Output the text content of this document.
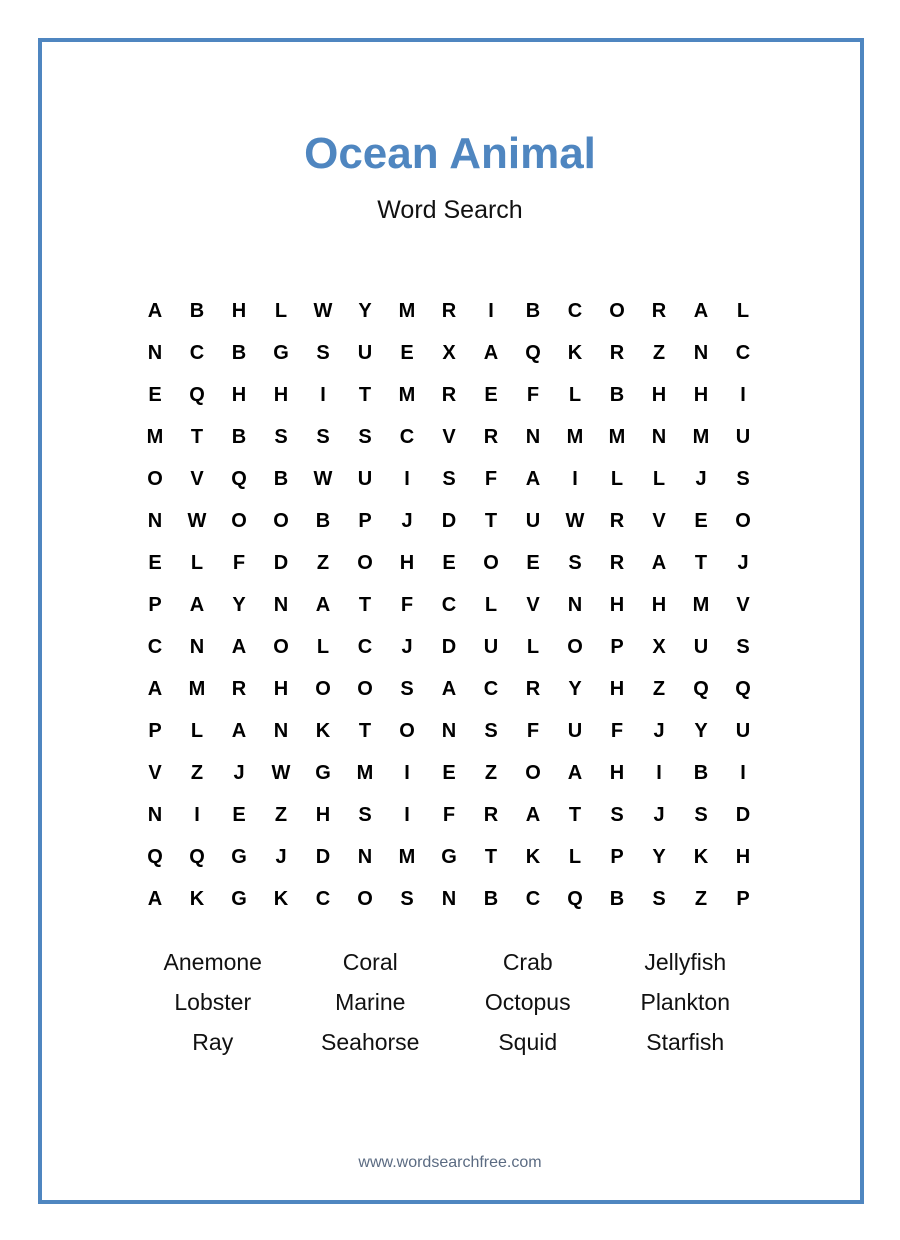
Ocean Animal
Word Search
A	B	H	L	W	Y	M	R	I	B	C	O	R	A	L
N	C	B	G	S	U	E	X	A	Q	K	R	Z	N	C
E	Q	H	H	I	T	M	R	E	F	L	B	H	H	I
M	T	B	S	S	S	C	V	R	N	M	M	N	M	U
O	V	Q	B	W	U	I	S	F	A	I	L	L	J	S
N	W	O	O	B	P	J	D	T	U	W	R	V	E	O
E	L	F	D	Z	O	H	E	O	E	S	R	A	T	J
P	A	Y	N	A	T	F	C	L	V	N	H	H	M	V
C	N	A	O	L	C	J	D	U	L	O	P	X	U	S
A	M	R	H	O	O	S	A	C	R	Y	H	Z	Q	Q
P	L	A	N	K	T	O	N	S	F	U	F	J	Y	U
V	Z	J	W	G	M	I	E	Z	O	A	H	I	B	I
N	I	E	Z	H	S	I	F	R	A	T	S	J	S	D
Q	Q	G	J	D	N	M	G	T	K	L	P	Y	K	H
A	K	G	K	C	O	S	N	B	C	Q	B	S	Z	P
Anemone	Coral	Crab	Jellyfish
Lobster	Marine	Octopus	Plankton
Ray	Seahorse	Squid	Starfish
www.wordsearchfree.com
